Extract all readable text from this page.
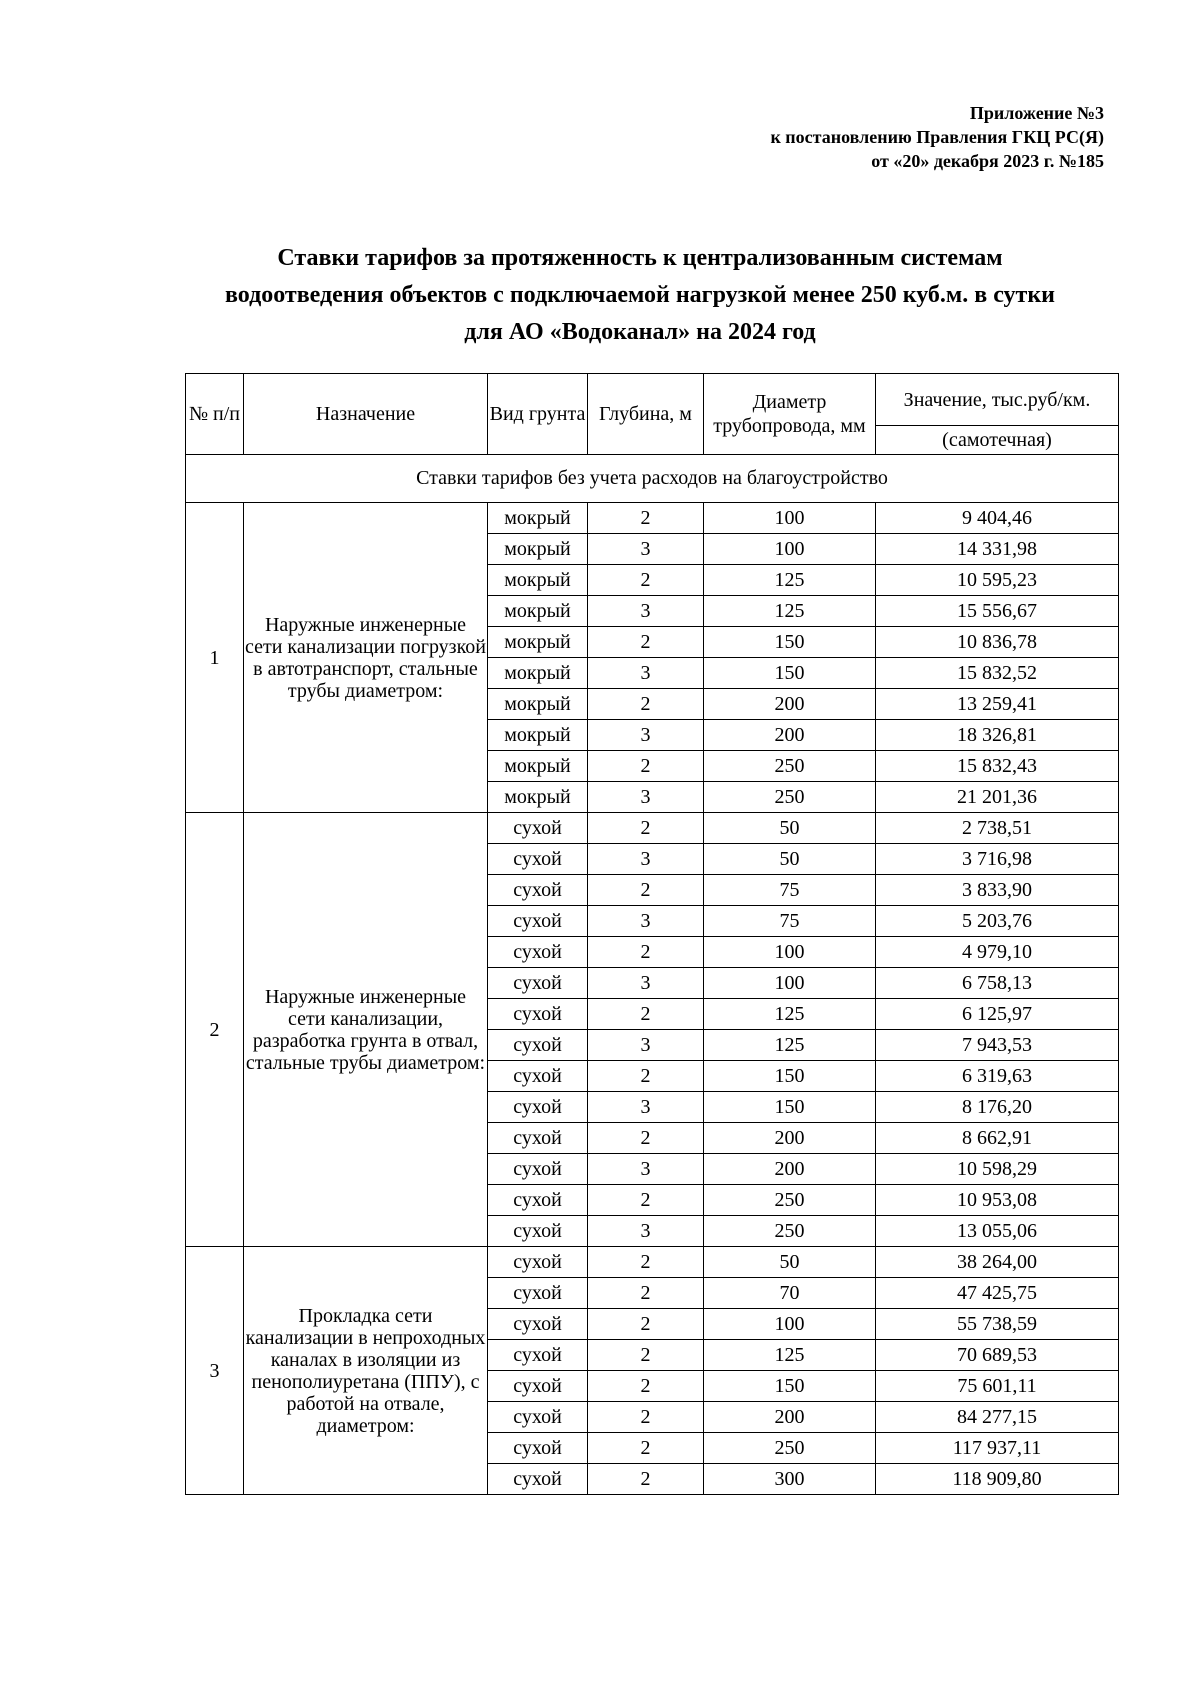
Приложение №3
к постановлению Правления ГКЦ РС(Я)
от «20» декабря 2023 г. №185
Ставки тарифов за протяженность к централизованным системам
водоотведения объектов с подключаемой нагрузкой менее 250 куб.м. в сутки
для АО «Водоканал» на 2024 год
№ п/п	Назначение	Вид грунта	Глубина, м	Диаметр трубопровода, мм	Значение, тыс.руб/км.
					(самотечная)
Ставки тарифов без учета расходов на благоустройство					
1	Наружные инженерные сети канализации погрузкой в автотранспорт, стальные трубы диаметром:	мокрый	2	100	9 404,46
		мокрый	3	100	14 331,98
		мокрый	2	125	10 595,23
		мокрый	3	125	15 556,67
		мокрый	2	150	10 836,78
		мокрый	3	150	15 832,52
		мокрый	2	200	13 259,41
		мокрый	3	200	18 326,81
		мокрый	2	250	15 832,43
		мокрый	3	250	21 201,36
2	Наружные инженерные сети канализации, разработка грунта в отвал, стальные трубы диаметром:	сухой	2	50	2 738,51
		сухой	3	50	3 716,98
		сухой	2	75	3 833,90
		сухой	3	75	5 203,76
		сухой	2	100	4 979,10
		сухой	3	100	6 758,13
		сухой	2	125	6 125,97
		сухой	3	125	7 943,53
		сухой	2	150	6 319,63
		сухой	3	150	8 176,20
		сухой	2	200	8 662,91
		сухой	3	200	10 598,29
		сухой	2	250	10 953,08
		сухой	3	250	13 055,06
3	Прокладка сети канализации в непроходных каналах в изоляции из пенополиуретана (ППУ), с работой на отвале, диаметром:	сухой	2	50	38 264,00
		сухой	2	70	47 425,75
		сухой	2	100	55 738,59
		сухой	2	125	70 689,53
		сухой	2	150	75 601,11
		сухой	2	200	84 277,15
		сухой	2	250	117 937,11
		сухой	2	300	118 909,80
